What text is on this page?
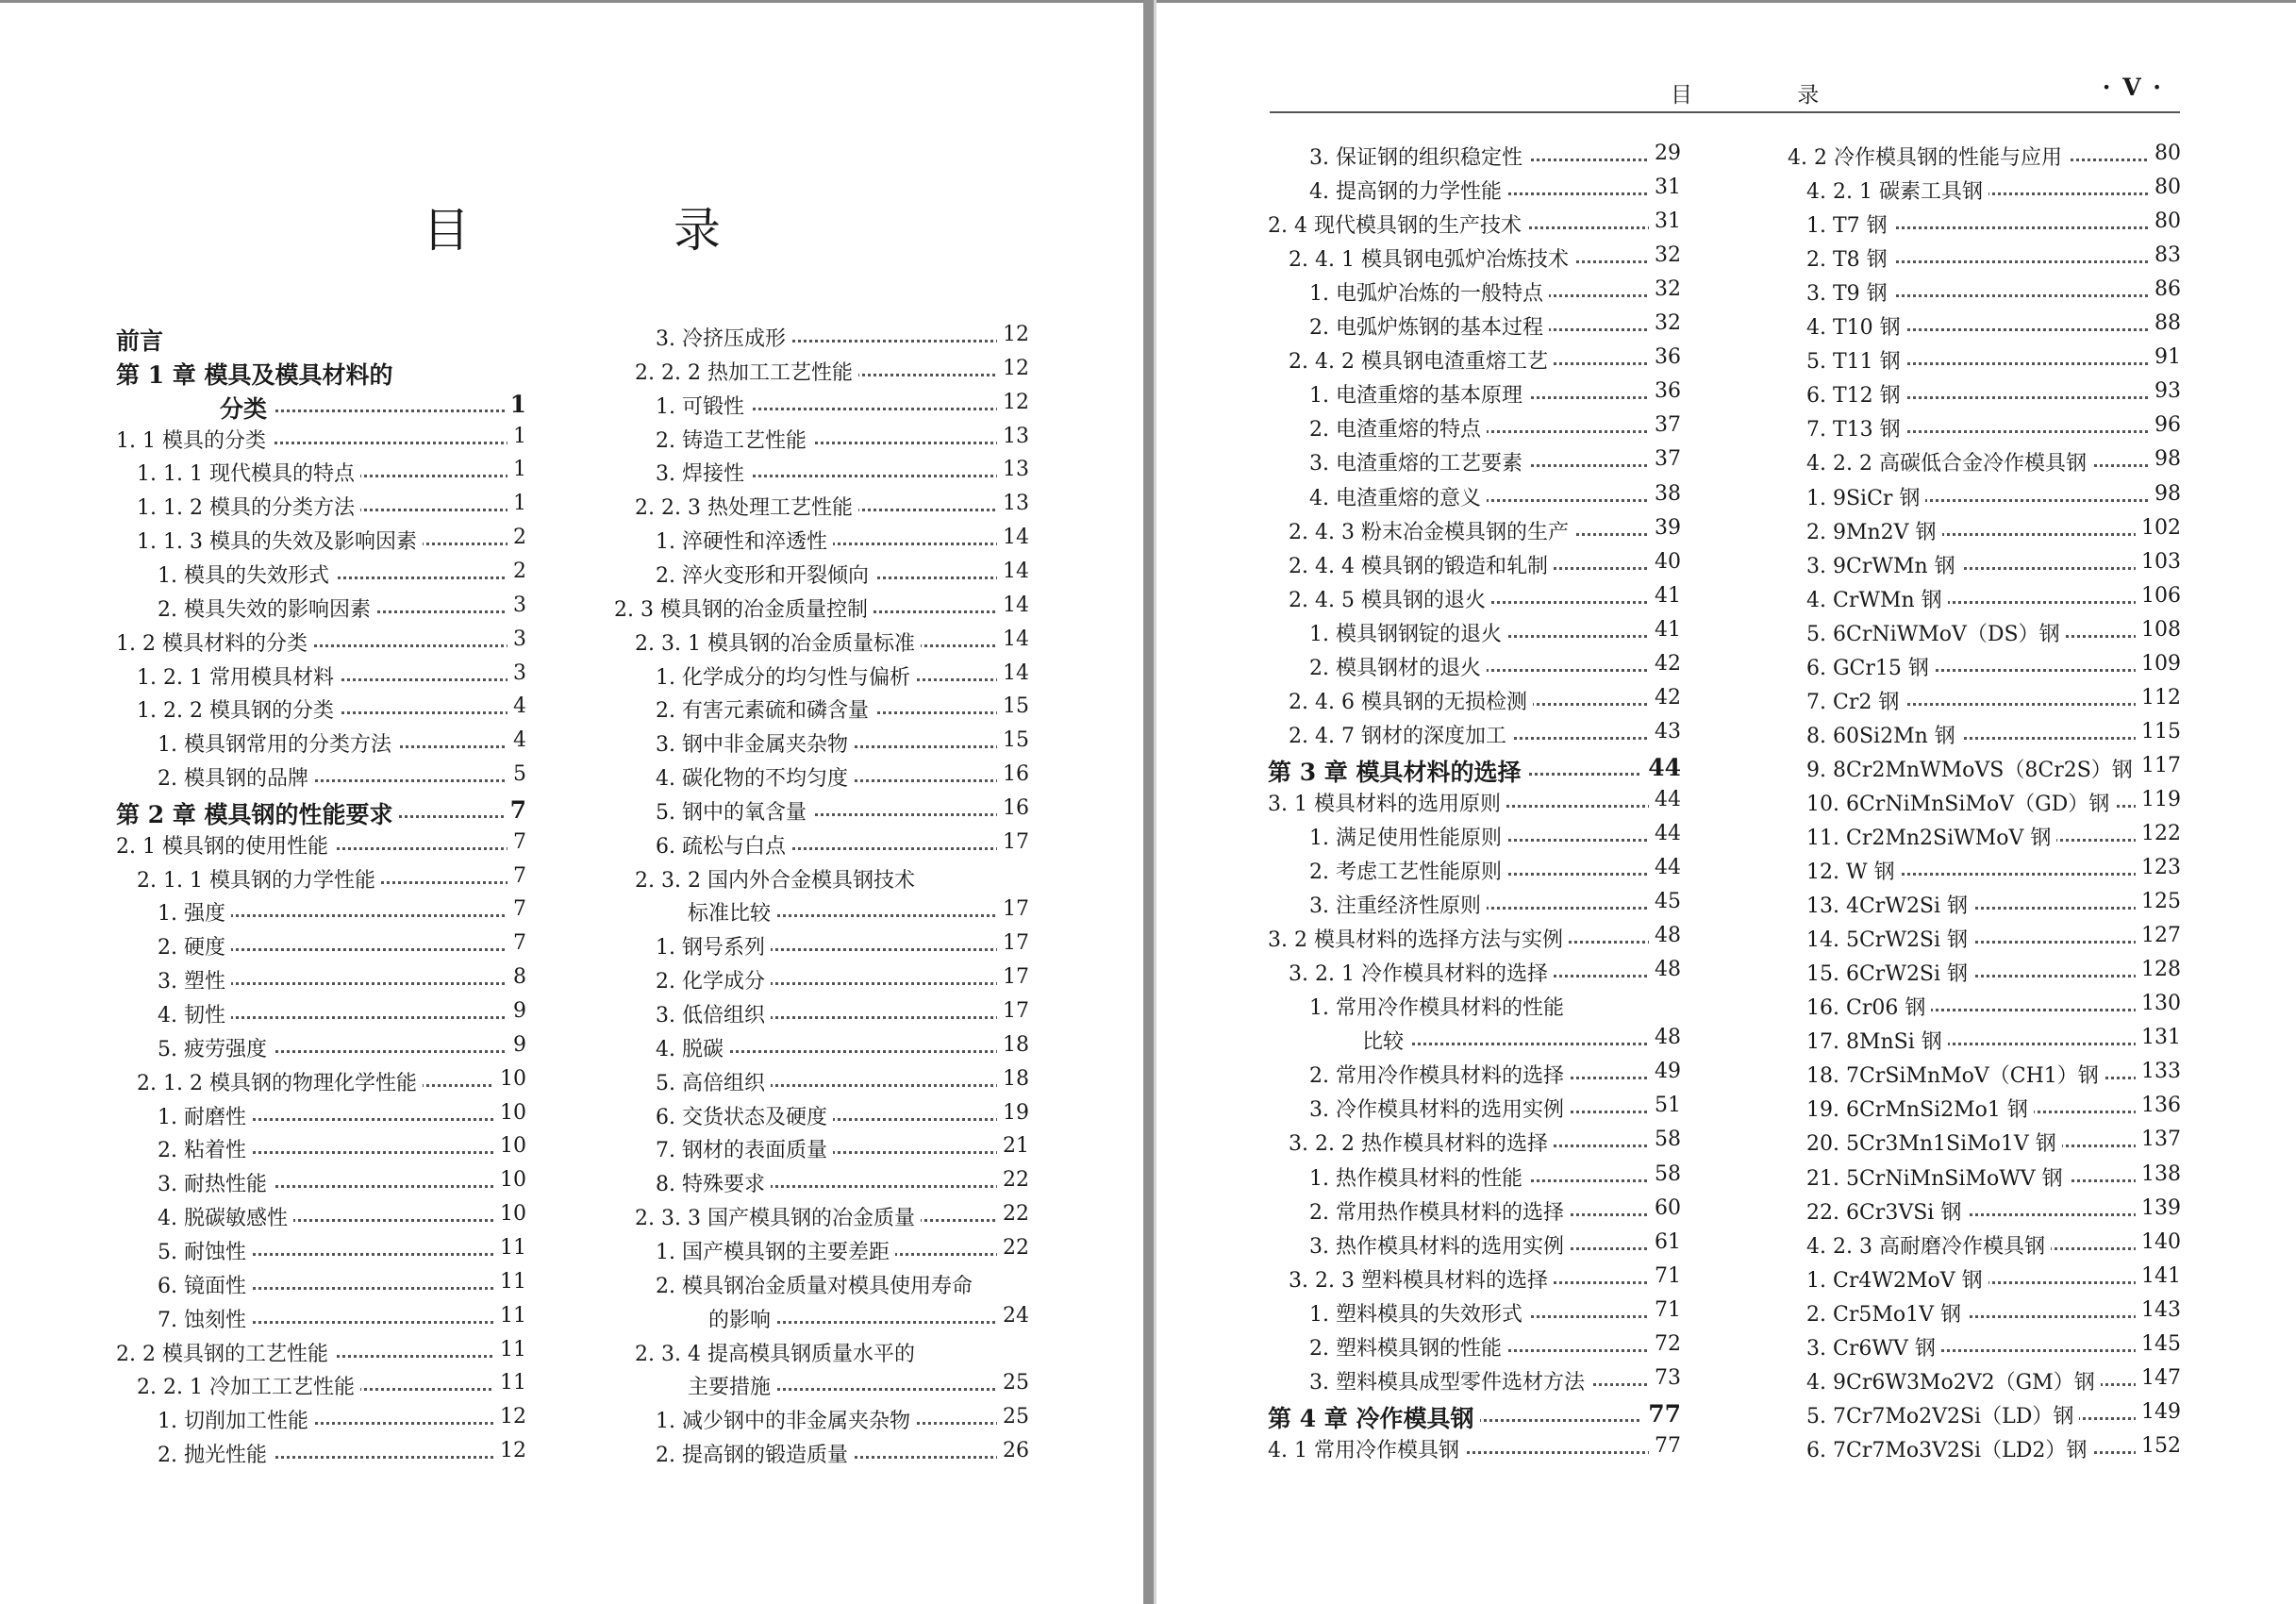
目 录
前言
第 1 章 模具及模具材料的
分类	1
1. 1 模具的分类	1
1. 1. 1 现代模具的特点	1
1. 1. 2 模具的分类方法	1
1. 1. 3 模具的失效及影响因素	2
1. 模具的失效形式	2
2. 模具失效的影响因素	3
1. 2 模具材料的分类	3
1. 2. 1 常用模具材料	3
1. 2. 2 模具钢的分类	4
1. 模具钢常用的分类方法	4
2. 模具钢的品牌	5
第 2 章 模具钢的性能要求	7
2. 1 模具钢的使用性能	7
2. 1. 1 模具钢的力学性能	7
1. 强度	7
2. 硬度	7
3. 塑性	8
4. 韧性	9
5. 疲劳强度	9
2. 1. 2 模具钢的物理化学性能	10
1. 耐磨性	10
2. 粘着性	10
3. 耐热性能	10
4. 脱碳敏感性	10
5. 耐蚀性	11
6. 镜面性	11
7. 蚀刻性	11
2. 2 模具钢的工艺性能	11
2. 2. 1 冷加工工艺性能	11
1. 切削加工性能	12
2. 抛光性能	12
3. 冷挤压成形	12
2. 2. 2 热加工工艺性能	12
1. 可锻性	12
2. 铸造工艺性能	13
3. 焊接性	13
2. 2. 3 热处理工艺性能	13
1. 淬硬性和淬透性	14
2. 淬火变形和开裂倾向	14
2. 3 模具钢的冶金质量控制	14
2. 3. 1 模具钢的冶金质量标准	14
1. 化学成分的均匀性与偏析	14
2. 有害元素硫和磷含量	15
3. 钢中非金属夹杂物	15
4. 碳化物的不均匀度	16
5. 钢中的氧含量	16
6. 疏松与白点	17
2. 3. 2 国内外合金模具钢技术
标准比较	17
1. 钢号系列	17
2. 化学成分	17
3. 低倍组织	17
4. 脱碳	18
5. 高倍组织	18
6. 交货状态及硬度	19
7. 钢材的表面质量	21
8. 特殊要求	22
2. 3. 3 国产模具钢的冶金质量	22
1. 国产模具钢的主要差距	22
2. 模具钢冶金质量对模具使用寿命
的影响	24
2. 3. 4 提高模具钢质量水平的
主要措施	25
1. 减少钢中的非金属夹杂物	25
2. 提高钢的锻造质量	26
目 录	· V ·
3. 保证钢的组织稳定性	29
4. 提高钢的力学性能	31
2. 4 现代模具钢的生产技术	31
2. 4. 1 模具钢电弧炉冶炼技术	32
1. 电弧炉冶炼的一般特点	32
2. 电弧炉炼钢的基本过程	32
2. 4. 2 模具钢电渣重熔工艺	36
1. 电渣重熔的基本原理	36
2. 电渣重熔的特点	37
3. 电渣重熔的工艺要素	37
4. 电渣重熔的意义	38
2. 4. 3 粉末冶金模具钢的生产	39
2. 4. 4 模具钢的锻造和轧制	40
2. 4. 5 模具钢的退火	41
1. 模具钢钢锭的退火	41
2. 模具钢材的退火	42
2. 4. 6 模具钢的无损检测	42
2. 4. 7 钢材的深度加工	43
第 3 章 模具材料的选择	44
3. 1 模具材料的选用原则	44
1. 满足使用性能原则	44
2. 考虑工艺性能原则	44
3. 注重经济性原则	45
3. 2 模具材料的选择方法与实例	48
3. 2. 1 冷作模具材料的选择	48
1. 常用冷作模具材料的性能
比较	48
2. 常用冷作模具材料的选择	49
3. 冷作模具材料的选用实例	51
3. 2. 2 热作模具材料的选择	58
1. 热作模具材料的性能	58
2. 常用热作模具材料的选择	60
3. 热作模具材料的选用实例	61
3. 2. 3 塑料模具材料的选择	71
1. 塑料模具的失效形式	71
2. 塑料模具钢的性能	72
3. 塑料模具成型零件选材方法	73
第 4 章 冷作模具钢	77
4. 1 常用冷作模具钢	77
4. 2 冷作模具钢的性能与应用	80
4. 2. 1 碳素工具钢	80
1. T7 钢	80
2. T8 钢	83
3. T9 钢	86
4. T10 钢	88
5. T11 钢	91
6. T12 钢	93
7. T13 钢	96
4. 2. 2 高碳低合金冷作模具钢	98
1. 9SiCr 钢	98
2. 9Mn2V 钢	102
3. 9CrWMn 钢	103
4. CrWMn 钢	106
5. 6CrNiWMoV（DS）钢	108
6. GCr15 钢	109
7. Cr2 钢	112
8. 60Si2Mn 钢	115
9. 8Cr2MnWMoVS（8Cr2S）钢 117
10. 6CrNiMnSiMoV（GD）钢 119
11. Cr2Mn2SiWMoV 钢	122
12. W 钢	123
13. 4CrW2Si 钢	125
14. 5CrW2Si 钢	127
15. 6CrW2Si 钢	128
16. Cr06 钢	130
17. 8MnSi 钢	131
18. 7CrSiMnMoV（CH1）钢 133
19. 6CrMnSi2Mo1 钢	136
20. 5Cr3Mn1SiMo1V 钢	137
21. 5CrNiMnSiMoWV 钢	138
22. 6Cr3VSi 钢	139
4. 2. 3 高耐磨冷作模具钢	140
1. Cr4W2MoV 钢	141
2. Cr5Mo1V 钢	143
3. Cr6WV 钢	145
4. 9Cr6W3Mo2V2（GM）钢 147
5. 7Cr7Mo2V2Si（LD）钢	149
6. 7Cr7Mo3V2Si（LD2）钢	152
